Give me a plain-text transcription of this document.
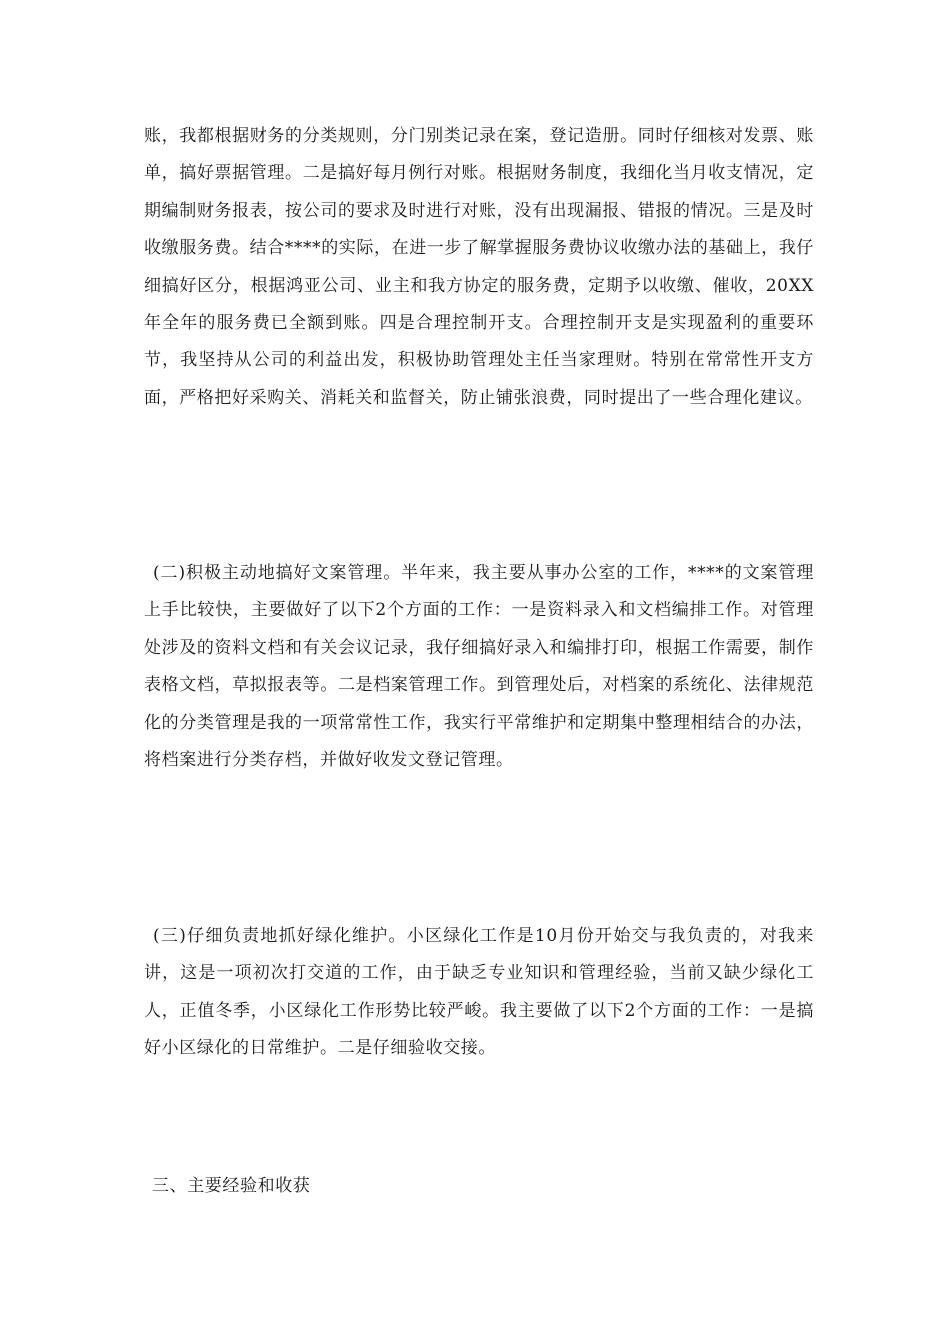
账，我都根据财务的分类规则，分门别类记录在案，登记造册。同时仔细核对发票、账单，搞好票据管理。二是搞好每月例行对账。根据财务制度，我细化当月收支情况，定期编制财务报表，按公司的要求及时进行对账，没有出现漏报、错报的情况。三是及时收缴服务费。结合****的实际，在进一步了解掌握服务费协议收缴办法的基础上，我仔细搞好区分，根据鸿亚公司、业主和我方协定的服务费，定期予以收缴、催收，20XX年全年的服务费已全额到账。四是合理控制开支。合理控制开支是实现盈利的重要环节，我坚持从公司的利益出发，积极协助管理处主任当家理财。特别在常常性开支方面，严格把好采购关、消耗关和监督关，防止铺张浪费，同时提出了一些合理化建议。

(二)积极主动地搞好文案管理。半年来，我主要从事办公室的工作，****的文案管理上手比较快，主要做好了以下2个方面的工作：一是资料录入和文档编排工作。对管理处涉及的资料文档和有关会议记录，我仔细搞好录入和编排打印，根据工作需要，制作表格文档，草拟报表等。二是档案管理工作。到管理处后，对档案的系统化、法律规范化的分类管理是我的一项常常性工作，我实行平常维护和定期集中整理相结合的办法，将档案进行分类存档，并做好收发文登记管理。

(三)仔细负责地抓好绿化维护。小区绿化工作是10月份开始交与我负责的，对我来讲，这是一项初次打交道的工作，由于缺乏专业知识和管理经验，当前又缺少绿化工人，正值冬季，小区绿化工作形势比较严峻。我主要做了以下2个方面的工作：一是搞好小区绿化的日常维护。二是仔细验收交接。

三、主要经验和收获
